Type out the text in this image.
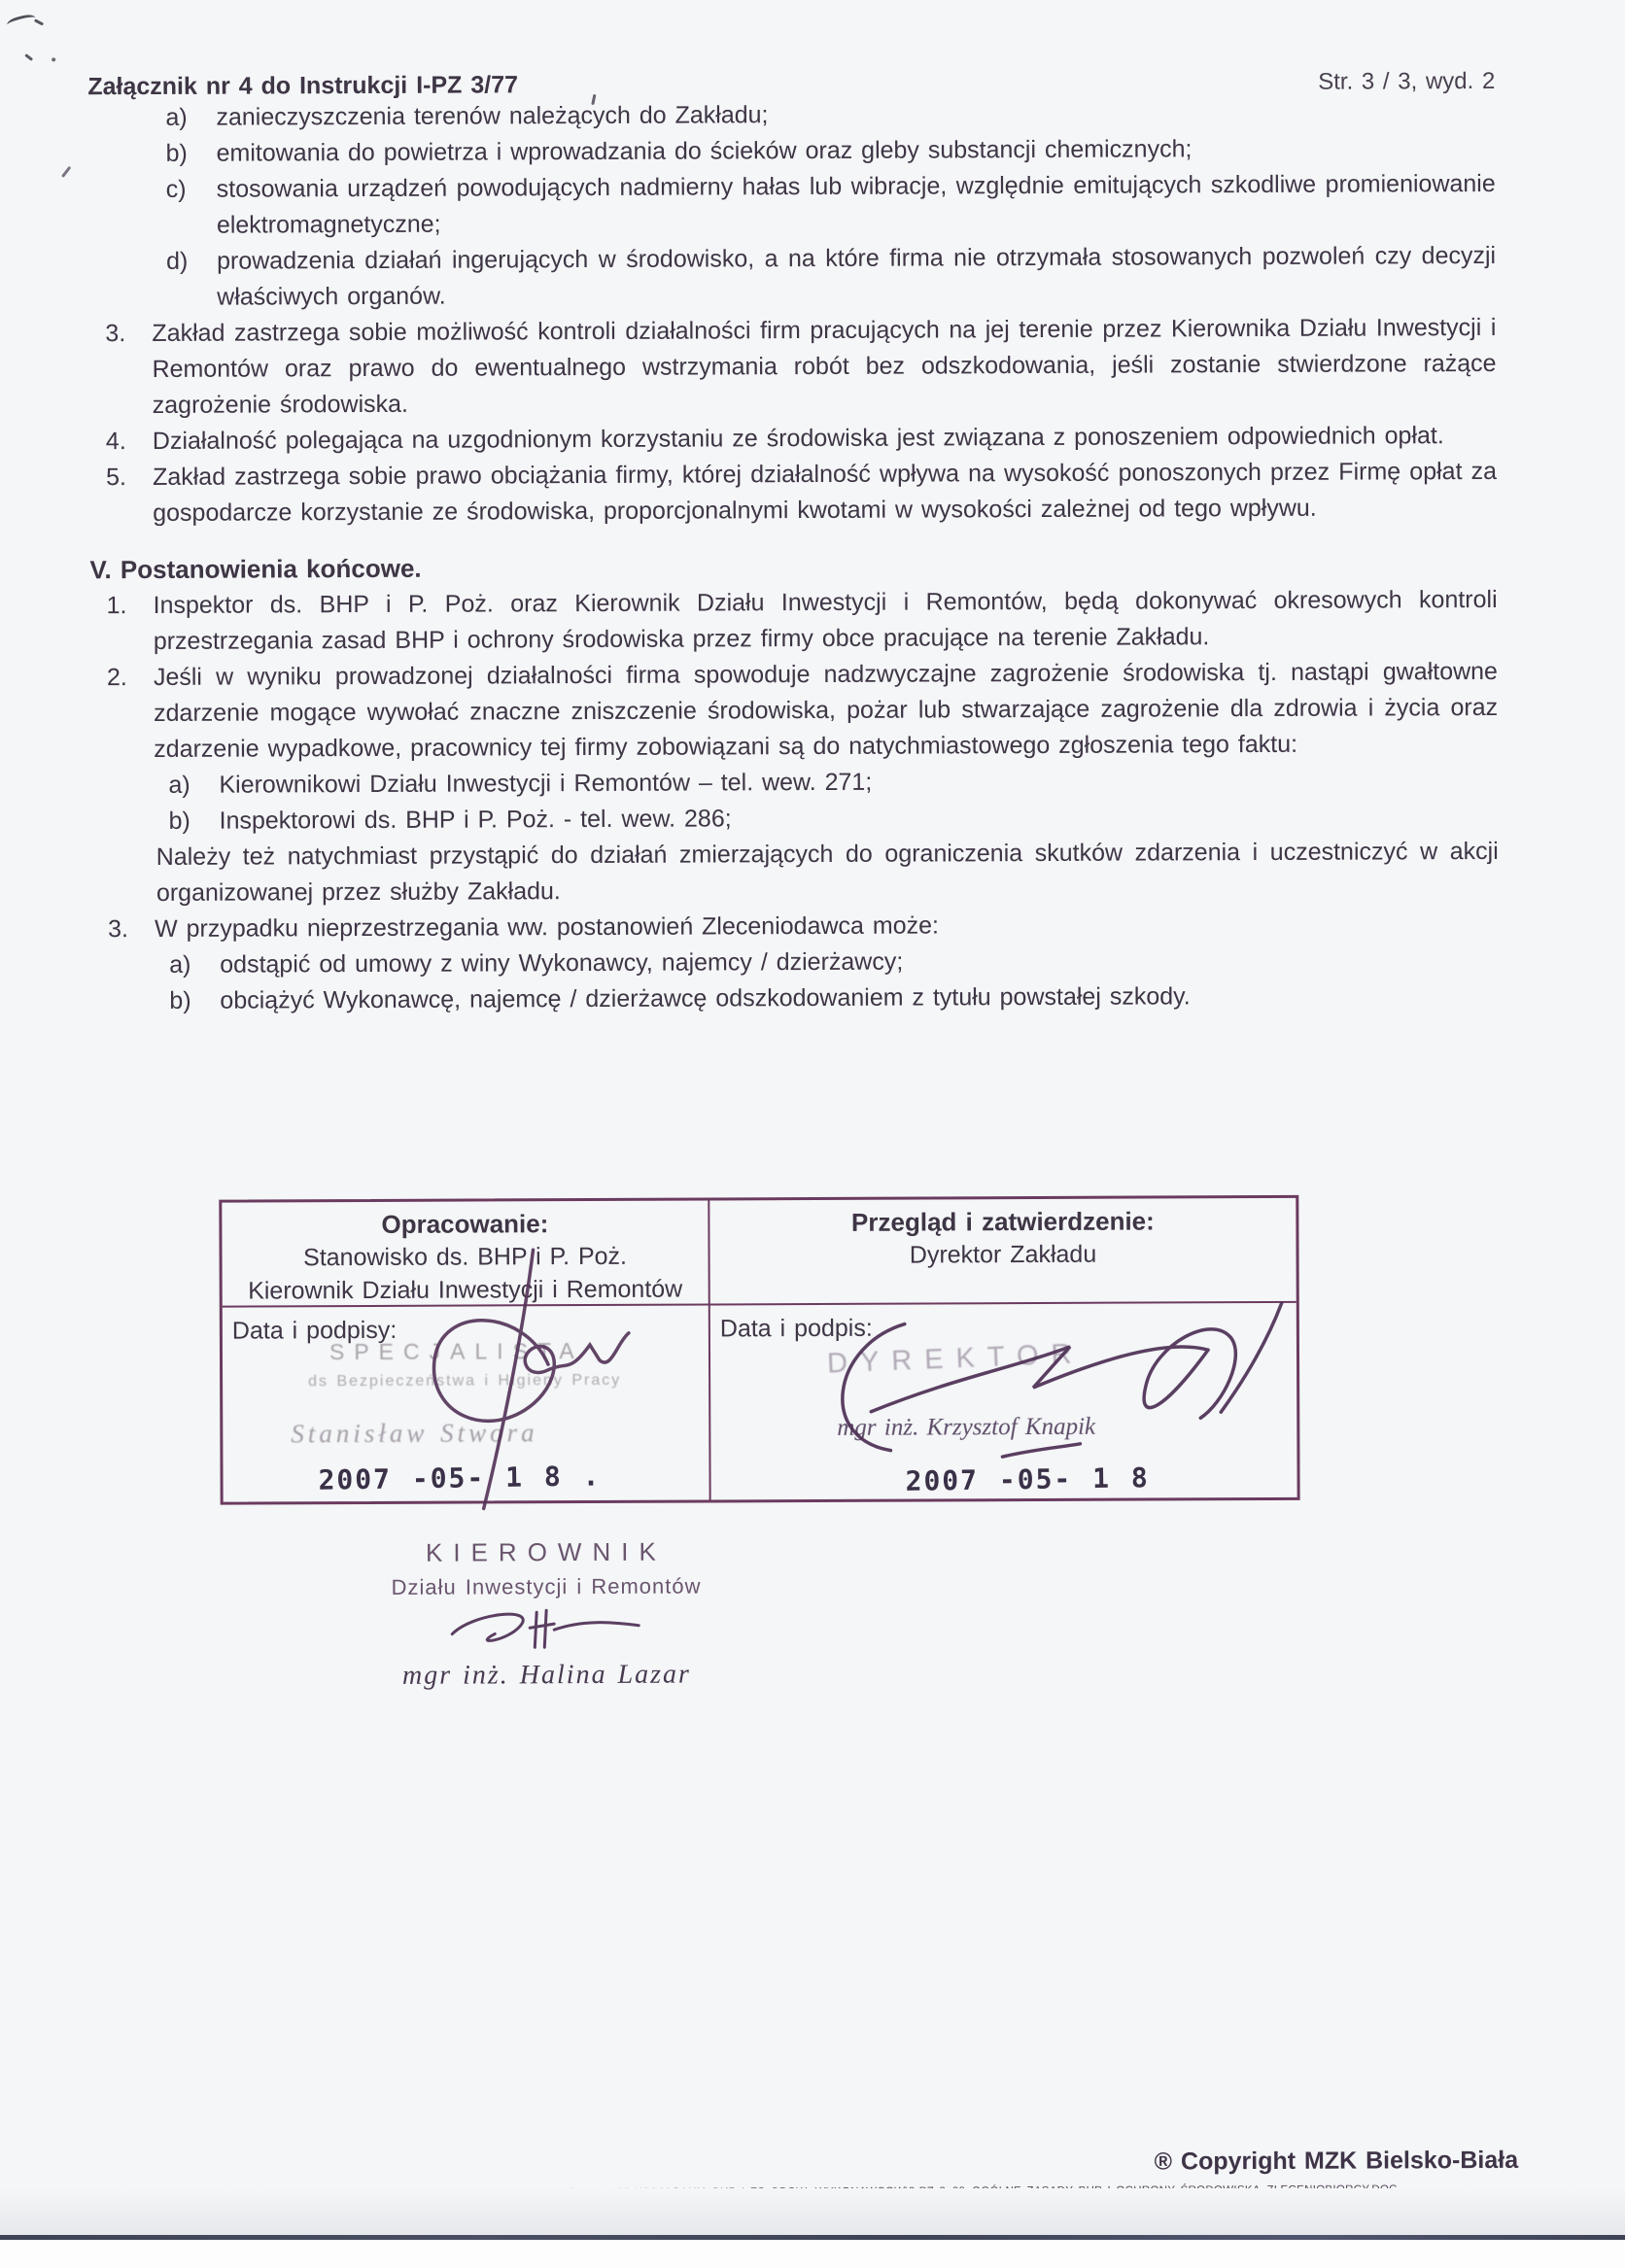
Załącznik nr 4 do Instrukcji I-PZ 3/77	Str. 3 / 3, wyd. 2
a)	zanieczyszczenia terenów należących do Zakładu;
b)	emitowania do powietrza i wprowadzania do ścieków oraz gleby substancji chemicznych;
c)	stosowania urządzeń powodujących nadmierny hałas lub wibracje, względnie emitujących szkodliwe promieniowanie elektromagnetyczne;
d)	prowadzenia działań ingerujących w środowisko, a na które firma nie otrzymała stosowanych pozwoleń czy decyzji właściwych organów.
3.	Zakład zastrzega sobie możliwość kontroli działalności firm pracujących na jej terenie przez Kierownika Działu Inwestycji i Remontów oraz prawo do ewentualnego wstrzymania robót bez odszkodowania, jeśli zostanie stwierdzone rażące zagrożenie środowiska.
4.	Działalność polegająca na uzgodnionym korzystaniu ze środowiska jest związana z ponoszeniem odpowiednich opłat.
5.	Zakład zastrzega sobie prawo obciążania firmy, której działalność wpływa na wysokość ponoszonych przez Firmę opłat za gospodarcze korzystanie ze środowiska, proporcjonalnymi kwotami w wysokości zależnej od tego wpływu.
V. Postanowienia końcowe.
1.	Inspektor ds. BHP i P. Poż. oraz Kierownik Działu Inwestycji i Remontów, będą dokonywać okresowych kontroli przestrzegania zasad BHP i ochrony środowiska przez firmy obce pracujące na terenie Zakładu.
2.	Jeśli w wyniku prowadzonej działalności firma spowoduje nadzwyczajne zagrożenie środowiska tj. nastąpi gwałtowne zdarzenie mogące wywołać znaczne zniszczenie środowiska, pożar lub stwarzające zagrożenie dla zdrowia i życia oraz zdarzenie wypadkowe, pracownicy tej firmy zobowiązani są do natychmiastowego zgłoszenia tego faktu:
a)	Kierownikowi Działu Inwestycji i Remontów – tel. wew. 271;
b)	Inspektorowi ds. BHP i P. Poż. - tel. wew. 286;
Należy też natychmiast przystąpić do działań zmierzających do ograniczenia skutków zdarzenia i uczestniczyć w akcji organizowanej przez służby Zakładu.
3.	W przypadku nieprzestrzegania ww. postanowień Zleceniodawca może:
a)	odstąpić od umowy z winy Wykonawcy, najemcy / dzierżawcy;
b)	obciążyć Wykonawcę, najemcę / dzierżawcę odszkodowaniem z tytułu powstałej szkody.
Opracowanie:
Stanowisko ds. BHP i P. Poż.
Kierownik Działu Inwestycji i Remontów
Przegląd i zatwierdzenie:
Dyrektor Zakładu
Data i podpisy:
SPECJALISTA
ds Bezpieczeństwa i Higieny Pracy
Stanisław Stwora
2007 -05- 1 8 .
Data i podpis:
DYREKTOR
mgr inż. Krzysztof Knapik
2007 -05- 1 8
KIEROWNIK
Działu Inwestycji i Remontów
mgr inż. Halina Lazar
® Copyright MZK Bielsko-Biała
